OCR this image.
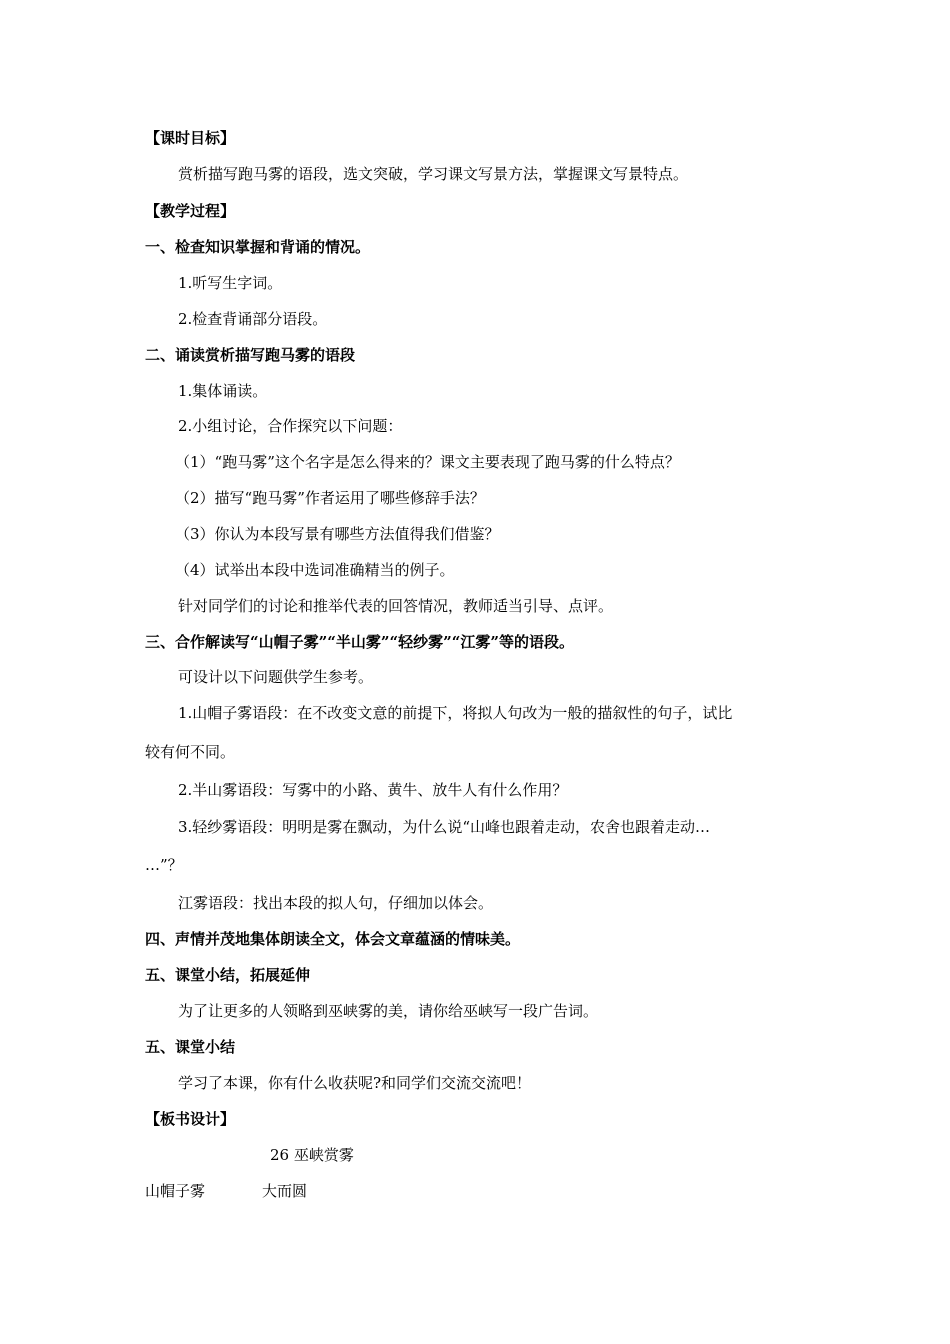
【课时目标】
赏析描写跑马雾的语段，选文突破，学习课文写景方法，掌握课文写景特点。
【教学过程】
一、检查知识掌握和背诵的情况。
1.听写生字词。
2.检查背诵部分语段。
二、诵读赏析描写跑马雾的语段
1.集体诵读。
2.小组讨论，合作探究以下问题：
（1）“跑马雾”这个名字是怎么得来的？课文主要表现了跑马雾的什么特点？
（2）描写“跑马雾”作者运用了哪些修辞手法？
（3）你认为本段写景有哪些方法值得我们借鉴？
（4）试举出本段中选词准确精当的例子。
针对同学们的讨论和推举代表的回答情况，教师适当引导、点评。
三、合作解读写“山帽子雾”“半山雾”“轻纱雾”“江雾”等的语段。
可设计以下问题供学生参考。
1.山帽子雾语段：在不改变文意的前提下，将拟人句改为一般的描叙性的句子，试比
较有何不同。
2.半山雾语段：写雾中的小路、黄牛、放牛人有什么作用？
3.轻纱雾语段：明明是雾在飘动，为什么说“山峰也跟着走动，农舍也跟着走动…
…”？
江雾语段：找出本段的拟人句，仔细加以体会。
四、声情并茂地集体朗读全文，体会文章蕴涵的情味美。
五、课堂小结，拓展延伸
为了让更多的人领略到巫峡雾的美，请你给巫峡写一段广告词。
五、课堂小结
学习了本课，你有什么收获呢?和同学们交流交流吧！
【板书设计】
26 巫峡赏雾
山帽子雾	大而圆
